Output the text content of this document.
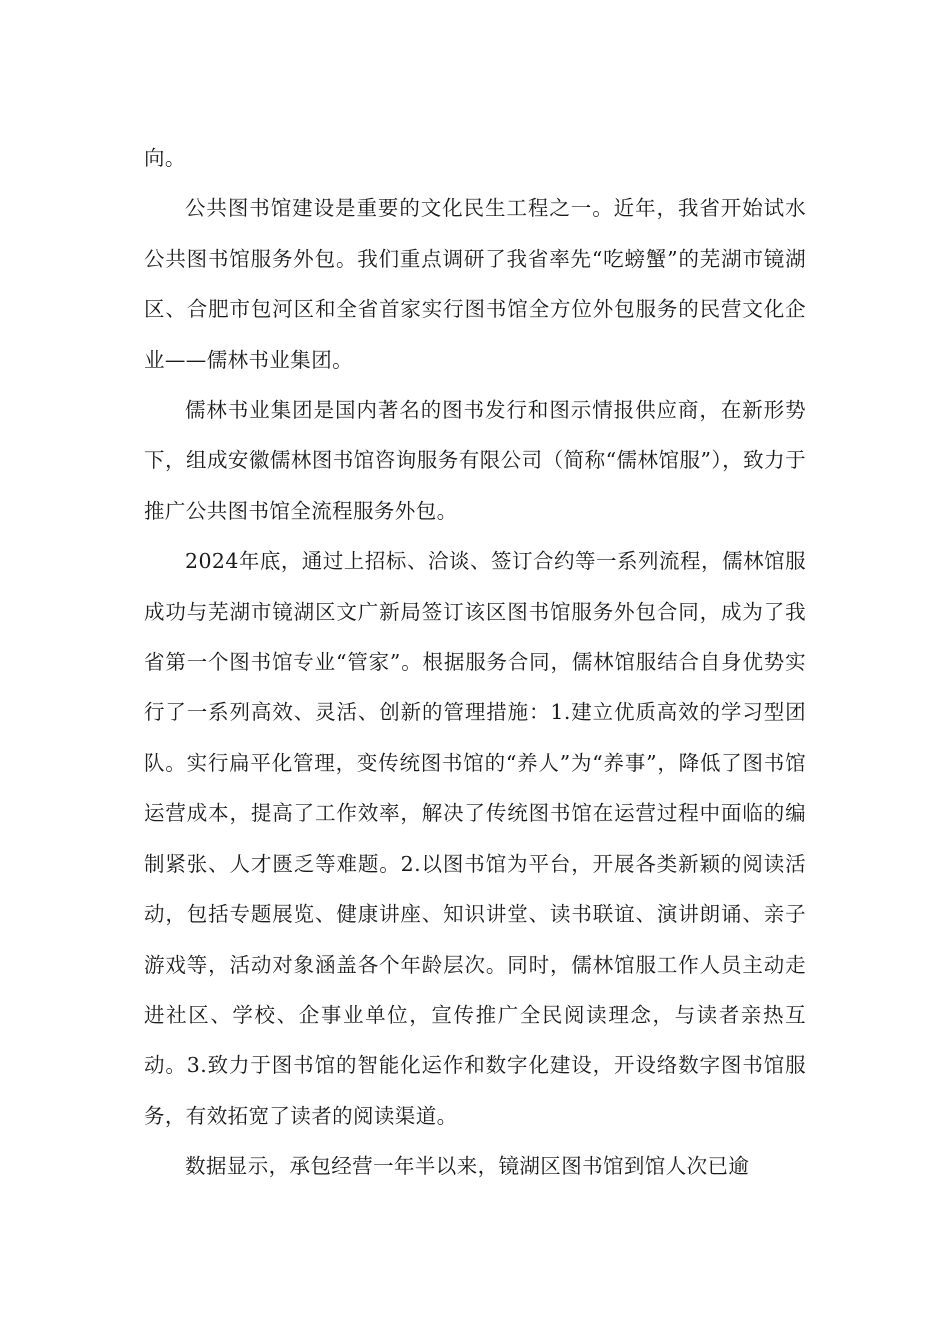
向。

公共图书馆建设是重要的文化民生工程之一。近年，我省开始试水公共图书馆服务外包。我们重点调研了我省率先“吃螃蟹”的芜湖市镜湖区、合肥市包河区和全省首家实行图书馆全方位外包服务的民营文化企业——儒林书业集团。

儒林书业集团是国内著名的图书发行和图示情报供应商，在新形势下，组成安徽儒林图书馆咨询服务有限公司（简称“儒林馆服”），致力于推广公共图书馆全流程服务外包。

2024年底，通过上招标、洽谈、签订合约等一系列流程，儒林馆服成功与芜湖市镜湖区文广新局签订该区图书馆服务外包合同，成为了我省第一个图书馆专业“管家”。根据服务合同，儒林馆服结合自身优势实行了一系列高效、灵活、创新的管理措施：1.建立优质高效的学习型团队。实行扁平化管理，变传统图书馆的“养人”为“养事”，降低了图书馆运营成本，提高了工作效率，解决了传统图书馆在运营过程中面临的编制紧张、人才匮乏等难题。2.以图书馆为平台，开展各类新颖的阅读活动，包括专题展览、健康讲座、知识讲堂、读书联谊、演讲朗诵、亲子游戏等，活动对象涵盖各个年龄层次。同时，儒林馆服工作人员主动走进社区、学校、企事业单位，宣传推广全民阅读理念，与读者亲热互动。3.致力于图书馆的智能化运作和数字化建设，开设络数字图书馆服务，有效拓宽了读者的阅读渠道。

数据显示，承包经营一年半以来，镜湖区图书馆到馆人次已逾
